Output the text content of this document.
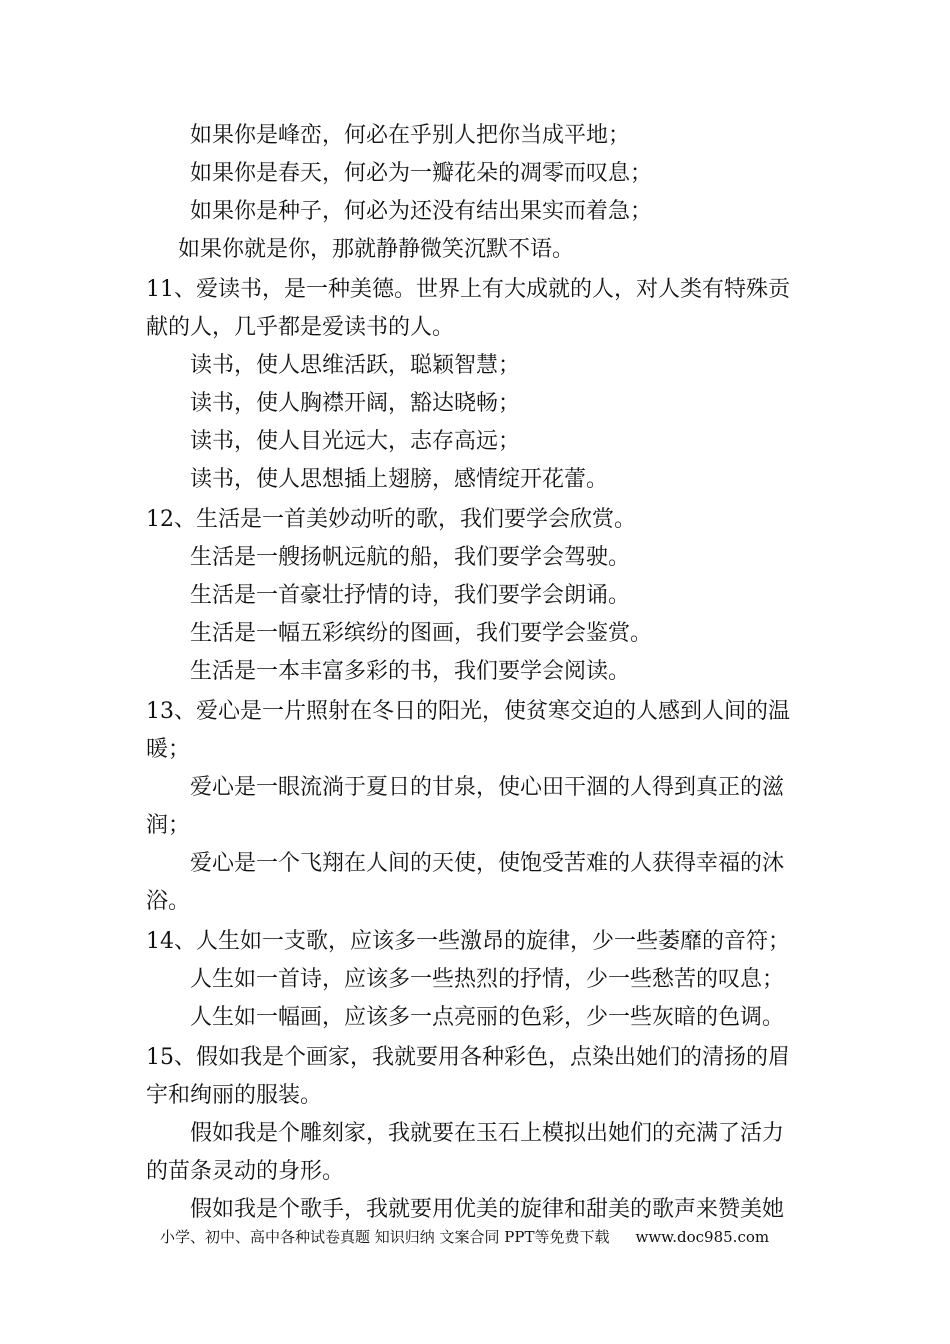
如果你是峰峦，何必在乎别人把你当成平地；
如果你是春天，何必为一瓣花朵的凋零而叹息；
如果你是种子，何必为还没有结出果实而着急；
如果你就是你，那就静静微笑沉默不语。
11、爱读书，是一种美德。世界上有大成就的人，对人类有特殊贡
献的人，几乎都是爱读书的人。
读书，使人思维活跃，聪颖智慧；
读书，使人胸襟开阔，豁达晓畅；
读书，使人目光远大，志存高远；
读书，使人思想插上翅膀，感情绽开花蕾。
12、生活是一首美妙动听的歌，我们要学会欣赏。
生活是一艘扬帆远航的船，我们要学会驾驶。
生活是一首豪壮抒情的诗，我们要学会朗诵。
生活是一幅五彩缤纷的图画，我们要学会鉴赏。
生活是一本丰富多彩的书，我们要学会阅读。
13、爱心是一片照射在冬日的阳光，使贫寒交迫的人感到人间的温
暖；
爱心是一眼流淌于夏日的甘泉，使心田干涸的人得到真正的滋
润；
爱心是一个飞翔在人间的天使，使饱受苦难的人获得幸福的沐
浴。
14、人生如一支歌，应该多一些激昂的旋律，少一些萎靡的音符；
人生如一首诗，应该多一些热烈的抒情，少一些愁苦的叹息；
人生如一幅画，应该多一点亮丽的色彩，少一些灰暗的色调。
15、假如我是个画家，我就要用各种彩色，点染出她们的清扬的眉
宇和绚丽的服装。
假如我是个雕刻家，我就要在玉石上模拟出她们的充满了活力
的苗条灵动的身形。
假如我是个歌手，我就要用优美的旋律和甜美的歌声来赞美她
小学、初中、高中各种试卷真题 知识归纳 文案合同 PPT等免费下载 www.doc985.com
